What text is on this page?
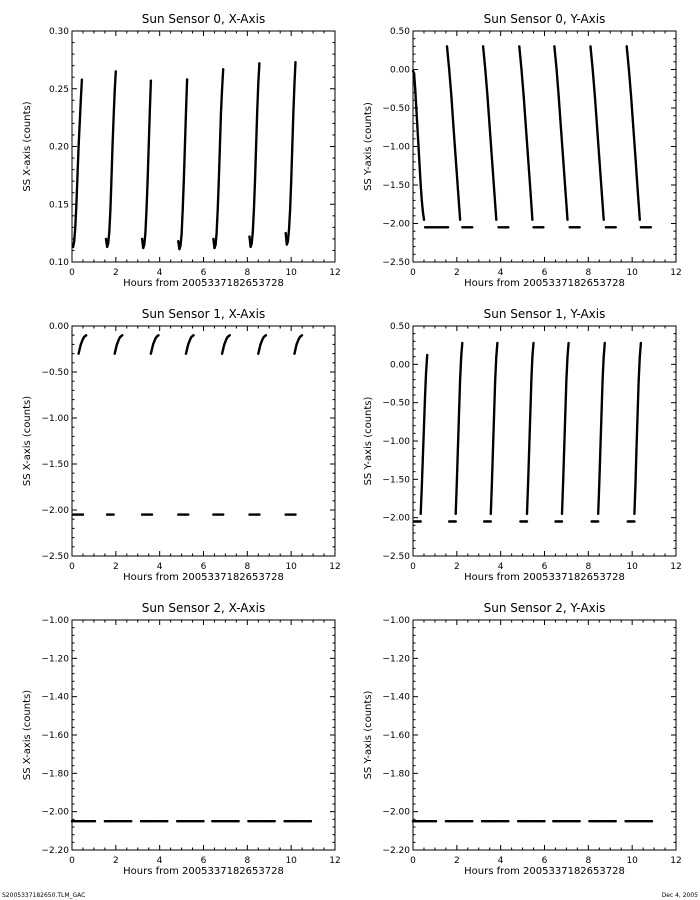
Sun Sensor 0, X-Axis
0	2	4	6	8	10	12
0.10
0.15
0.20
0.25
0.30
Hours from 2005337182653728
SS X-axis (counts)
Sun Sensor 0, Y-Axis
0	2	4	6	8	10	12
−2.50
−2.00
−1.50
−1.00
−0.50
0.00
0.50
Hours from 2005337182653728
SS Y-axis (counts)
Sun Sensor 1, X-Axis
0	2	4	6	8	10	12
−2.50
−2.00
−1.50
−1.00
−0.50
0.00
Hours from 2005337182653728
SS X-axis (counts)
Sun Sensor 1, Y-Axis
0	2	4	6	8	10	12
−2.50
−2.00
−1.50
−1.00
−0.50
0.00
0.50
Hours from 2005337182653728
SS Y-axis (counts)
Sun Sensor 2, X-Axis
0	2	4	6	8	10	12
−2.20
−2.00
−1.80
−1.60
−1.40
−1.20
−1.00
Hours from 2005337182653728
SS X-axis (counts)
Sun Sensor 2, Y-Axis
0	2	4	6	8	10	12
−2.20
−2.00
−1.80
−1.60
−1.40
−1.20
−1.00
Hours from 2005337182653728
SS Y-axis (counts)
S2005337182650.TLM_GAC	Dec 4, 2005
